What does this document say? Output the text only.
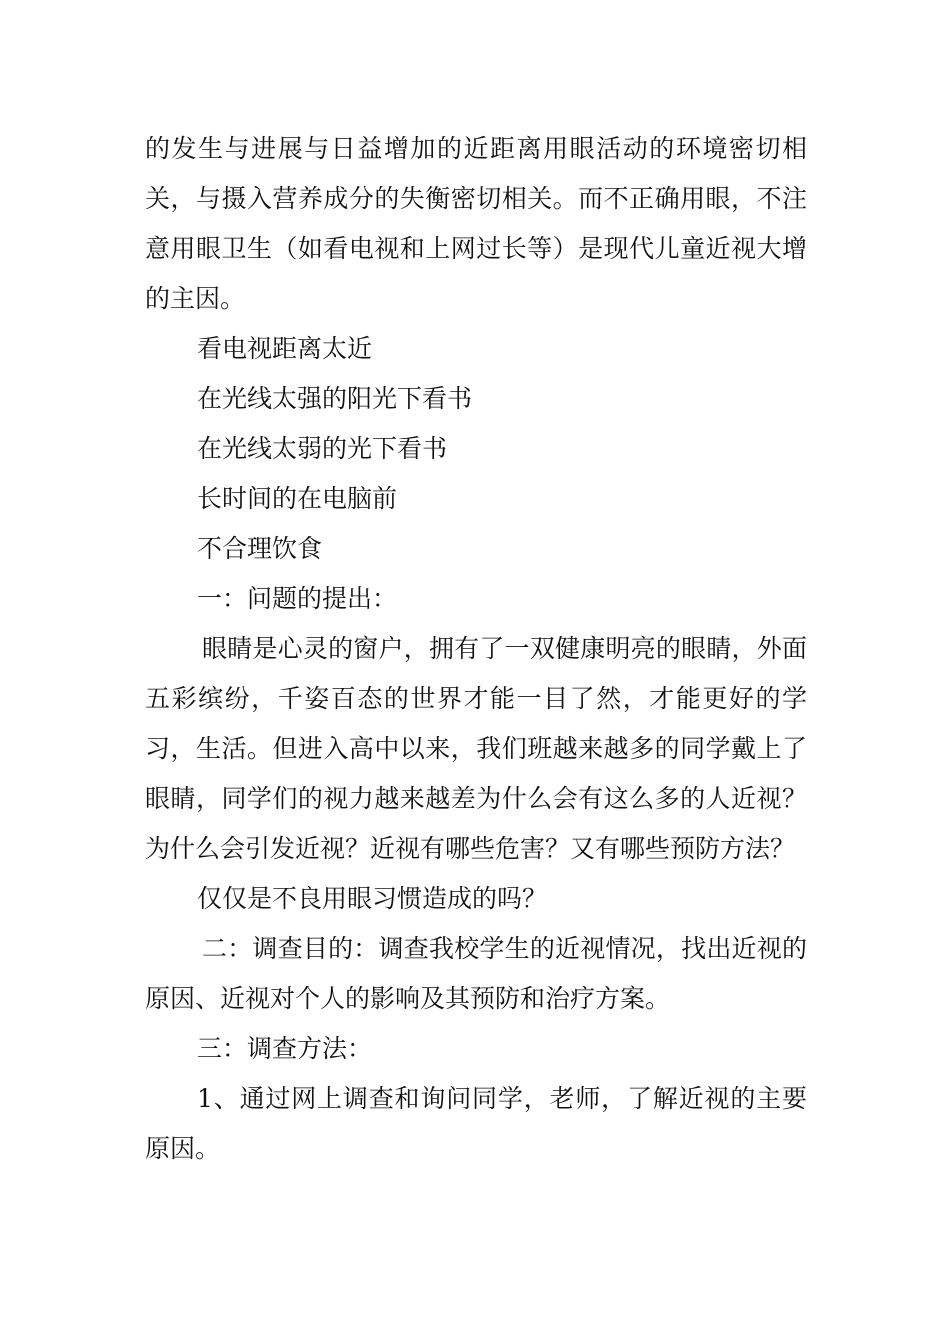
的发生与进展与日益增加的近距离用眼活动的环境密切相关，与摄入营养成分的失衡密切相关。而不正确用眼，不注意用眼卫生（如看电视和上网过长等）是现代儿童近视大增的主因。

看电视距离太近

在光线太强的阳光下看书

在光线太弱的光下看书

长时间的在电脑前

不合理饮食

一：问题的提出：

眼睛是心灵的窗户，拥有了一双健康明亮的眼睛，外面五彩缤纷，千姿百态的世界才能一目了然，才能更好的学习，生活。但进入高中以来，我们班越来越多的同学戴上了眼睛，同学们的视力越来越差为什么会有这么多的人近视？为什么会引发近视？近视有哪些危害？又有哪些预防方法？

仅仅是不良用眼习惯造成的吗？

二：调查目的：调查我校学生的近视情况，找出近视的原因、近视对个人的影响及其预防和治疗方案。

三：调查方法：

1、通过网上调查和询问同学，老师，了解近视的主要原因。
